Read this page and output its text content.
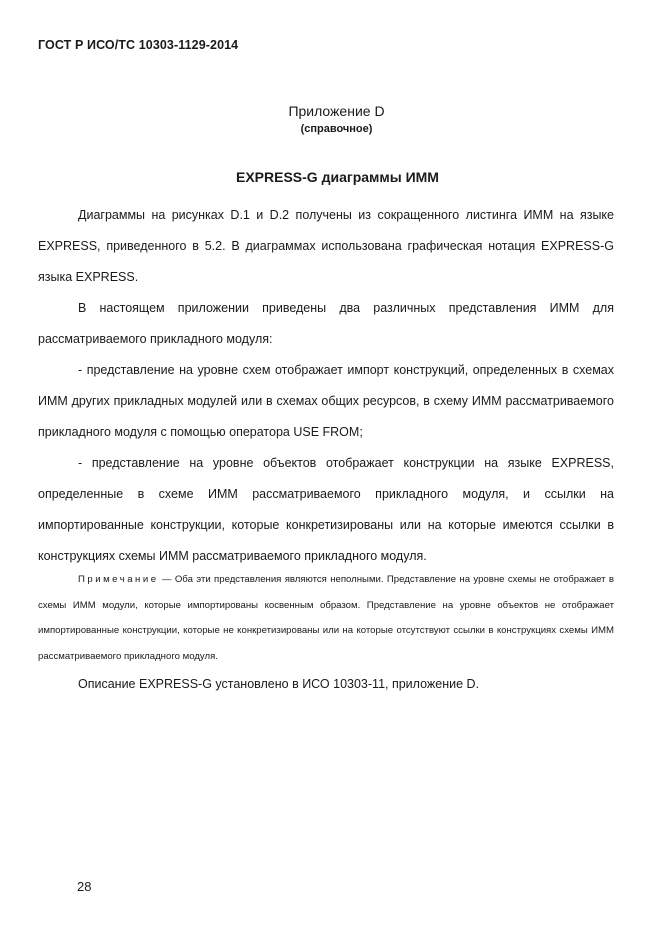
ГОСТ Р ИСО/ТС 10303-1129-2014
Приложение D
(справочное)
EXPRESS-G диаграммы ИММ

Диаграммы на рисунках D.1 и D.2 получены из сокращенного листинга ИММ на языке EXPRESS, приведенного в 5.2. В диаграммах использована графическая нотация EXPRESS-G языка EXPRESS.

В настоящем приложении приведены два различных представления ИММ для рассматриваемого прикладного модуля:

- представление на уровне схем отображает импорт конструкций, определенных в схемах ИММ других прикладных модулей или в схемах общих ресурсов, в схему ИММ рассматриваемого прикладного модуля с помощью оператора USE FROM;

- представление на уровне объектов отображает конструкции на языке EXPRESS, определенные в схеме ИММ рассматриваемого прикладного модуля, и ссылки на импортированные конструкции, которые конкретизированы или на которые имеются ссылки в конструкциях схемы ИММ рассматриваемого прикладного модуля.

Примечание — Оба эти представления являются неполными. Представление на уровне схемы не отображает в схемы ИММ модули, которые импортированы косвенным образом. Представление на уровне объектов не отображает импортированные конструкции, которые не конкретизированы или на которые отсутствуют ссылки в конструкциях схемы ИММ рассматриваемого прикладного модуля.

Описание EXPRESS-G установлено в ИСО 10303-11, приложение D.

28
